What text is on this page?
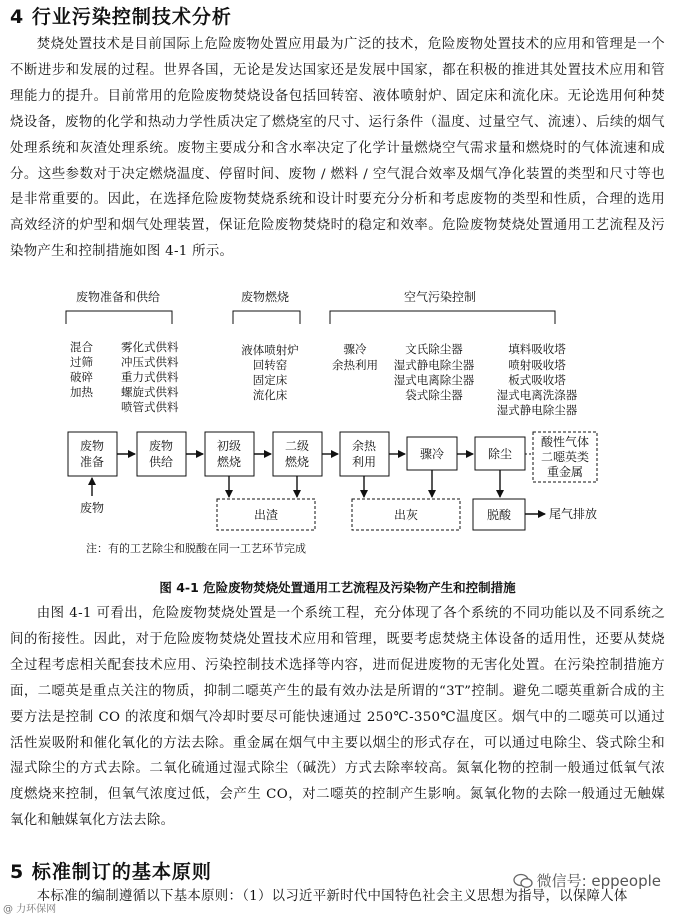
4 行业污染控制技术分析

焚烧处置技术是目前国际上危险废物处置应用最为广泛的技术，危险废物处置技术的应用和管理是一个不断进步和发展的过程。世界各国，无论是发达国家还是发展中国家，都在积极的推进其处置技术应用和管理能力的提升。目前常用的危险废物焚烧设备包括回转窑、液体喷射炉、固定床和流化床。无论选用何种焚烧设备，废物的化学和热动力学性质决定了燃烧室的尺寸、运行条件（温度、过量空气、流速）、后续的烟气处理系统和灰渣处理系统。废物主要成分和含水率决定了化学计量燃烧空气需求量和燃烧时的气体流速和成分。这些参数对于决定燃烧温度、停留时间、废物 / 燃料 / 空气混合效率及烟气净化装置的类型和尺寸等也是非常重要的。因此，在选择危险废物焚烧系统和设计时要充分分析和考虑废物的类型和性质，合理的选用高效经济的炉型和烟气处理装置，保证危险废物焚烧时的稳定和效率。危险废物焚烧处置通用工艺流程及污染物产生和控制措施如图 4-1 所示。

废物准备和供给	废物燃烧	空气污染控制
混合
过筛
破碎
加热
雾化式供料
冲压式供料
重力式供料
螺旋式供料
喷管式供料
液体喷射炉
回转窑
固定床
流化床
骤冷
余热利用
文氏除尘器
湿式静电除尘器
湿式电离除尘器
袋式除尘器
填料吸收塔
喷射吸收塔
板式吸收塔
湿式电离洗涤器
湿式静电除尘器
废物
准备
废物
供给
初级
燃烧
二级
燃烧
余热
利用
骤冷	除尘
酸性气体
二噁英类
重金属
出渣	出灰	脱酸
废物	尾气排放
注：有的工艺除尘和脱酸在同一工艺环节完成
图 4-1 危险废物焚烧处置通用工艺流程及污染物产生和控制措施

由图 4-1 可看出，危险废物焚烧处置是一个系统工程，充分体现了各个系统的不同功能以及不同系统之间的衔接性。因此，对于危险废物焚烧处置技术应用和管理，既要考虑焚烧主体设备的适用性，还要从焚烧全过程考虑相关配套技术应用、污染控制技术选择等内容，进而促进废物的无害化处置。在污染控制措施方面，二噁英是重点关注的物质，抑制二噁英产生的最有效办法是所谓的“3T”控制。避免二噁英重新合成的主要方法是控制 CO 的浓度和烟气冷却时要尽可能快速通过 250℃-350℃温度区。烟气中的二噁英可以通过活性炭吸附和催化氧化的方法去除。重金属在烟气中主要以烟尘的形式存在，可以通过电除尘、袋式除尘和湿式除尘的方式去除。二氧化硫通过湿式除尘（碱洗）方式去除率较高。氮氧化物的控制一般通过低氧气浓度燃烧来控制，但氧气浓度过低，会产生 CO，对二噁英的控制产生影响。氮氧化物的去除一般通过无触媒氧化和触媒氧化方法去除。

5 标准制订的基本原则

本标准的编制遵循以下基本原则：（1）以习近平新时代中国特色社会主义思想为指导，以保障人体

微信号: eppeople
@ 力环保网
